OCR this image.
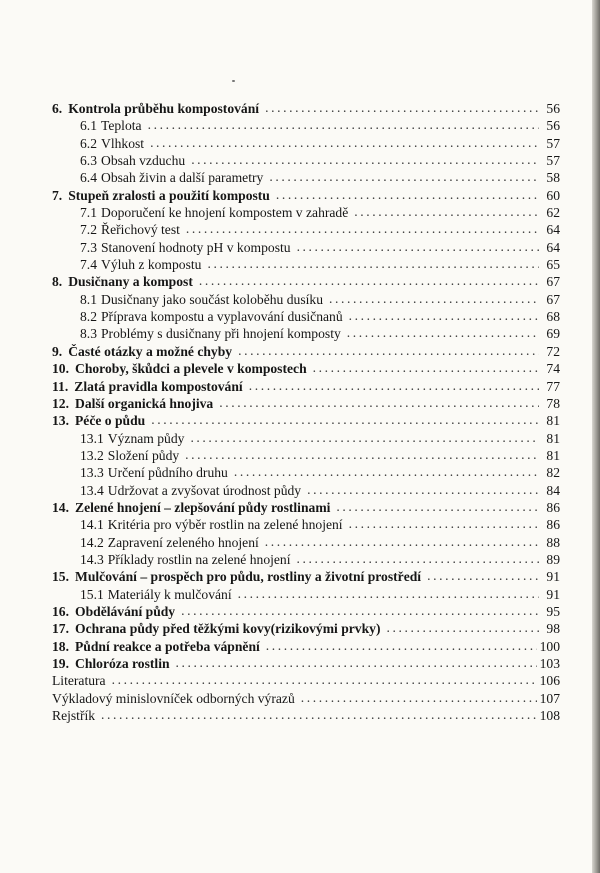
6. Kontrola průběhu kompostování .....	56
6.1 Teplota .....	56
6.2 Vlhkost .....	57
6.3 Obsah vzduchu .....	57
6.4 Obsah živin a další parametry .....	58
7. Stupeň zralosti a použití kompostu .....	60
7.1 Doporučení ke hnojení kompostem v zahradě .....	62
7.2 Řeřichový test .....	64
7.3 Stanovení hodnoty pH v kompostu .....	64
7.4 Výluh z kompostu .....	65
8. Dusičnany a kompost .....	67
8.1 Dusičnany jako součást koloběhu dusíku .....	67
8.2 Příprava kompostu a vyplavování dusičnanů .....	68
8.3 Problémy s dusičnany při hnojení komposty .....	69
9. Časté otázky a možné chyby .....	72
10. Choroby, škůdci a plevele v kompostech .....	74
11. Zlatá pravidla kompostování .....	77
12. Další organická hnojiva .....	78
13. Péče o půdu .....	81
13.1 Význam půdy .....	81
13.2 Složení půdy .....	81
13.3 Určení půdního druhu .....	82
13.4 Udržovat a zvyšovat úrodnost půdy .....	84
14. Zelené hnojení – zlepšování půdy rostlinami .....	86
14.1 Kritéria pro výběr rostlin na zelené hnojení .....	86
14.2 Zapravení zeleného hnojení .....	88
14.3 Příklady rostlin na zelené hnojení .....	89
15. Mulčování – prospěch pro půdu, rostliny a životní prostředí .....	91
15.1 Materiály k mulčování .....	91
16. Obdělávání půdy .....	95
17. Ochrana půdy před těžkými kovy(rizikovými prvky) .....	98
18. Půdní reakce a potřeba vápnění .....	100
19. Chloróza rostlin .....	103
Literatura .....	106
Výkladový minislovníček odborných výrazů .....	107
Rejstřík .....	108
